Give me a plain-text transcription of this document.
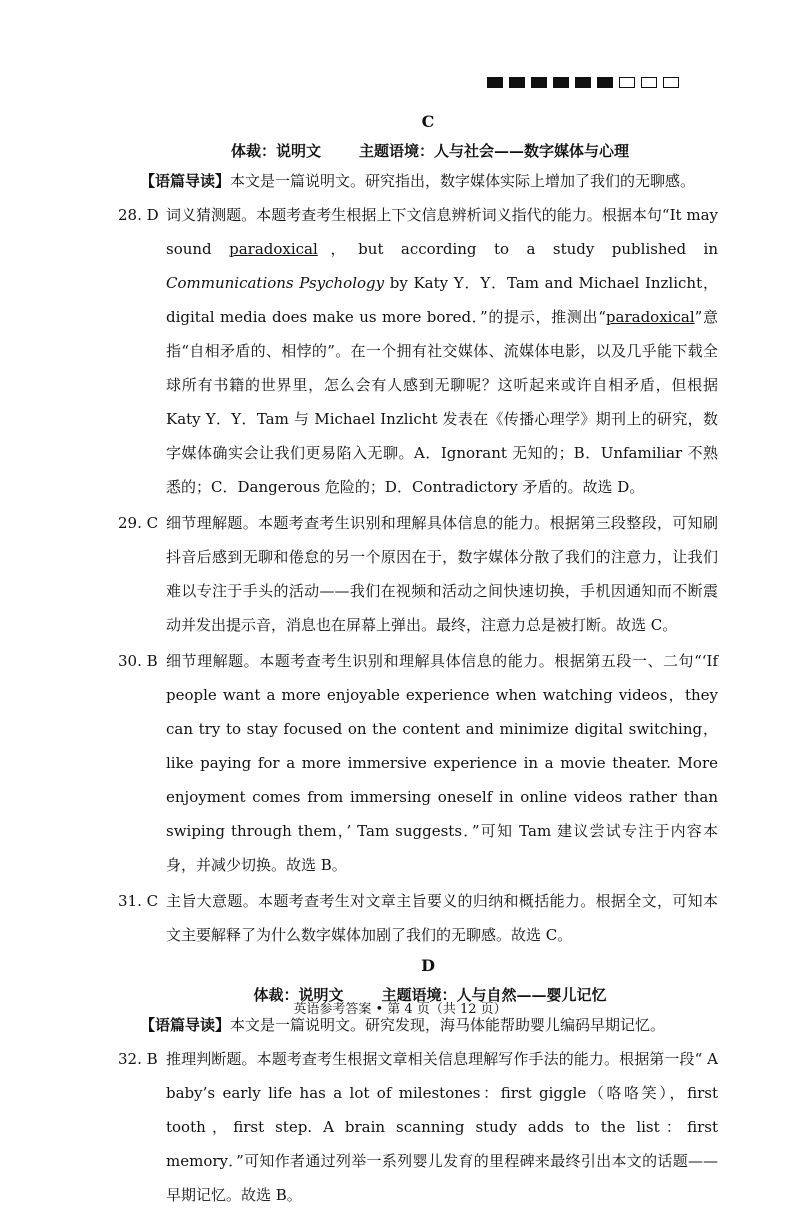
C
体裁：说明文	主题语境：人与社会——数字媒体与心理
【语篇导读】本文是一篇说明文。研究指出，数字媒体实际上增加了我们的无聊感。
28. D 词义猜测题。本题考查考生根据上下文信息辨析词义指代的能力。根据本句“It may sound paradoxical，but according to a study published in Communications Psychology by Katy Y．Y．Tam and Michael Inzlicht，digital media does make us more bored．”的提示，推测出“paradoxical”意指“自相矛盾的、相悖的”。在一个拥有社交媒体、流媒体电影，以及几乎能下载全球所有书籍的世界里，怎么会有人感到无聊呢？这听起来或许自相矛盾，但根据 Katy Y．Y．Tam 与 Michael Inzlicht 发表在《传播心理学》期刊上的研究，数字媒体确实会让我们更易陷入无聊。A．Ignorant 无知的；B．Unfamiliar 不熟悉的；C．Dangerous 危险的；D．Contradictory 矛盾的。故选 D。
29. C 细节理解题。本题考查考生识别和理解具体信息的能力。根据第三段整段，可知刷抖音后感到无聊和倦怠的另一个原因在于，数字媒体分散了我们的注意力，让我们难以专注于手头的活动——我们在视频和活动之间快速切换，手机因通知而不断震动并发出提示音，消息也在屏幕上弹出。最终，注意力总是被打断。故选 C。
30. B 细节理解题。本题考查考生识别和理解具体信息的能力。根据第五段一、二句“‘If people want a more enjoyable experience when watching videos，they can try to stay focused on the content and minimize digital switching，like paying for a more immersive experience in a movie theater. More enjoyment comes from immersing oneself in online videos rather than swiping through them，’ Tam suggests．”可知 Tam 建议尝试专注于内容本身，并减少切换。故选 B。
31. C 主旨大意题。本题考查考生对文章主旨要义的归纳和概括能力。根据全文，可知本文主要解释了为什么数字媒体加剧了我们的无聊感。故选 C。
D
体裁：说明文	主题语境：人与自然——婴儿记忆
【语篇导读】本文是一篇说明文。研究发现，海马体能帮助婴儿编码早期记忆。
32. B 推理判断题。本题考查考生根据文章相关信息理解写作手法的能力。根据第一段“ A baby’s early life has a lot of milestones：first giggle（咯咯笑），first tooth，first step. A brain scanning study adds to the list：first memory．”可知作者通过列举一系列婴儿发育的里程碑来最终引出本文的话题——早期记忆。故选 B。
英语参考答案 • 第 4 页（共 12 页）
